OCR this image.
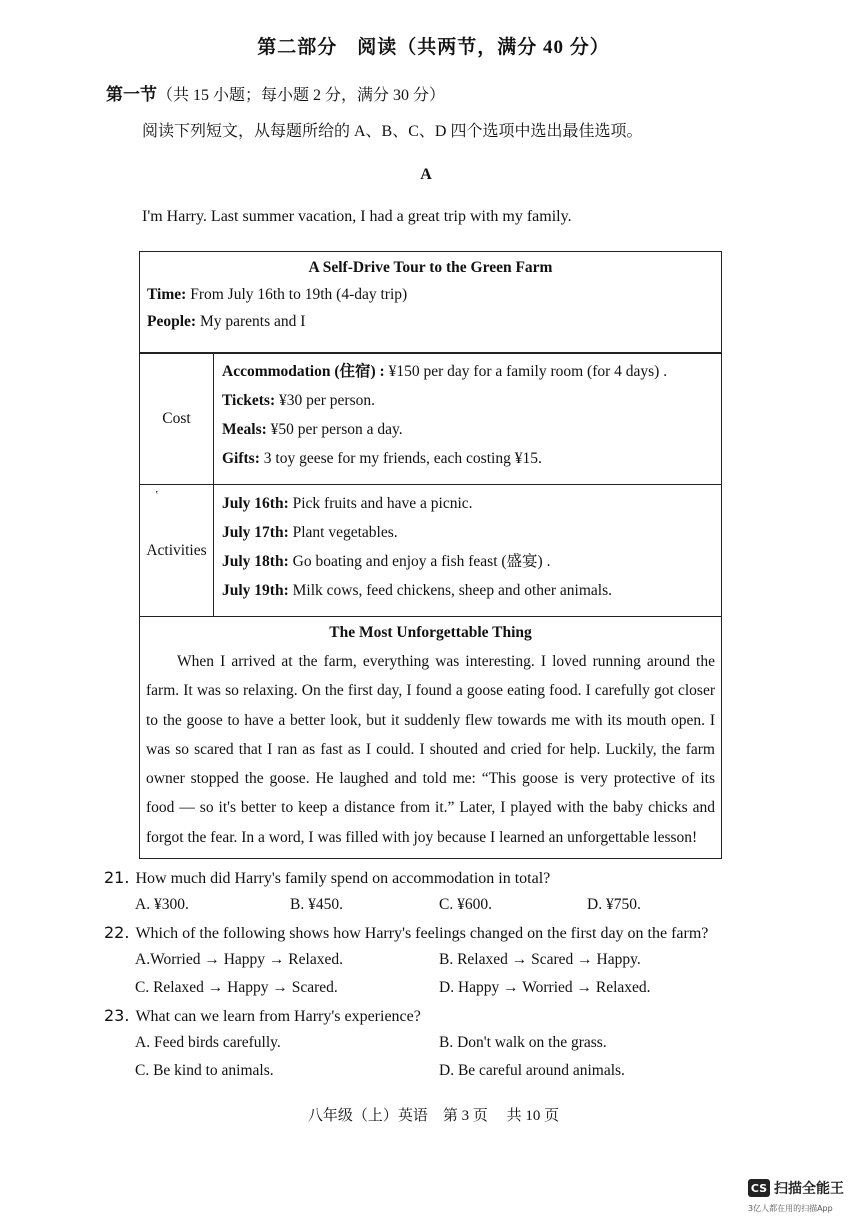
第二部分　阅读（共两节，满分 40 分）
第一节（共 15 小题；每小题 2 分，满分 30 分）
阅读下列短文，从每题所给的 A、B、C、D 四个选项中选出最佳选项。
A
I'm Harry. Last summer vacation, I had a great trip with my family.
A Self-Drive Tour to the Green Farm
Time: From July 16th to 19th (4-day trip)
People: My parents and I
Cost
Accommodation (住宿) : ¥150 per day for a family room (for 4 days) .
Tickets: ¥30 per person.
Meals: ¥50 per person a day.
Gifts: 3 toy geese for my friends, each costing ¥15.
‛
Activities
July 16th: Pick fruits and have a picnic.
July 17th: Plant vegetables.
July 18th: Go boating and enjoy a fish feast (盛宴) .
July 19th: Milk cows, feed chickens, sheep and other animals.
The Most Unforgettable Thing

When I arrived at the farm, everything was interesting. I loved running around the farm. It was so relaxing. On the first day, I found a goose eating food. I carefully got closer to the goose to have a better look, but it suddenly flew towards me with its mouth open. I was so scared that I ran as fast as I could. I shouted and cried for help. Luckily, the farm owner stopped the goose. He laughed and told me: “This goose is very protective of its food — so it's better to keep a distance from it.” Later, I played with the baby chicks and forgot the fear. In a word, I was filled with joy because I learned an unforgettable lesson!

21. How much did Harry's family spend on accommodation in total?
A. ¥300.	B. ¥450.	C. ¥600.	D. ¥750.
22. Which of the following shows how Harry's feelings changed on the first day on the farm?
A.Worried → Happy → Relaxed.	B. Relaxed → Scared → Happy.
C. Relaxed → Happy → Scared.	D. Happy → Worried → Relaxed.
23. What can we learn from Harry's experience?
A. Feed birds carefully.	B. Don't walk on the grass.
C. Be kind to animals.	D. Be careful around animals.
八年级（上）英语　第 3 页　 共 10 页
CS 扫描全能王
3亿人都在用的扫描App
